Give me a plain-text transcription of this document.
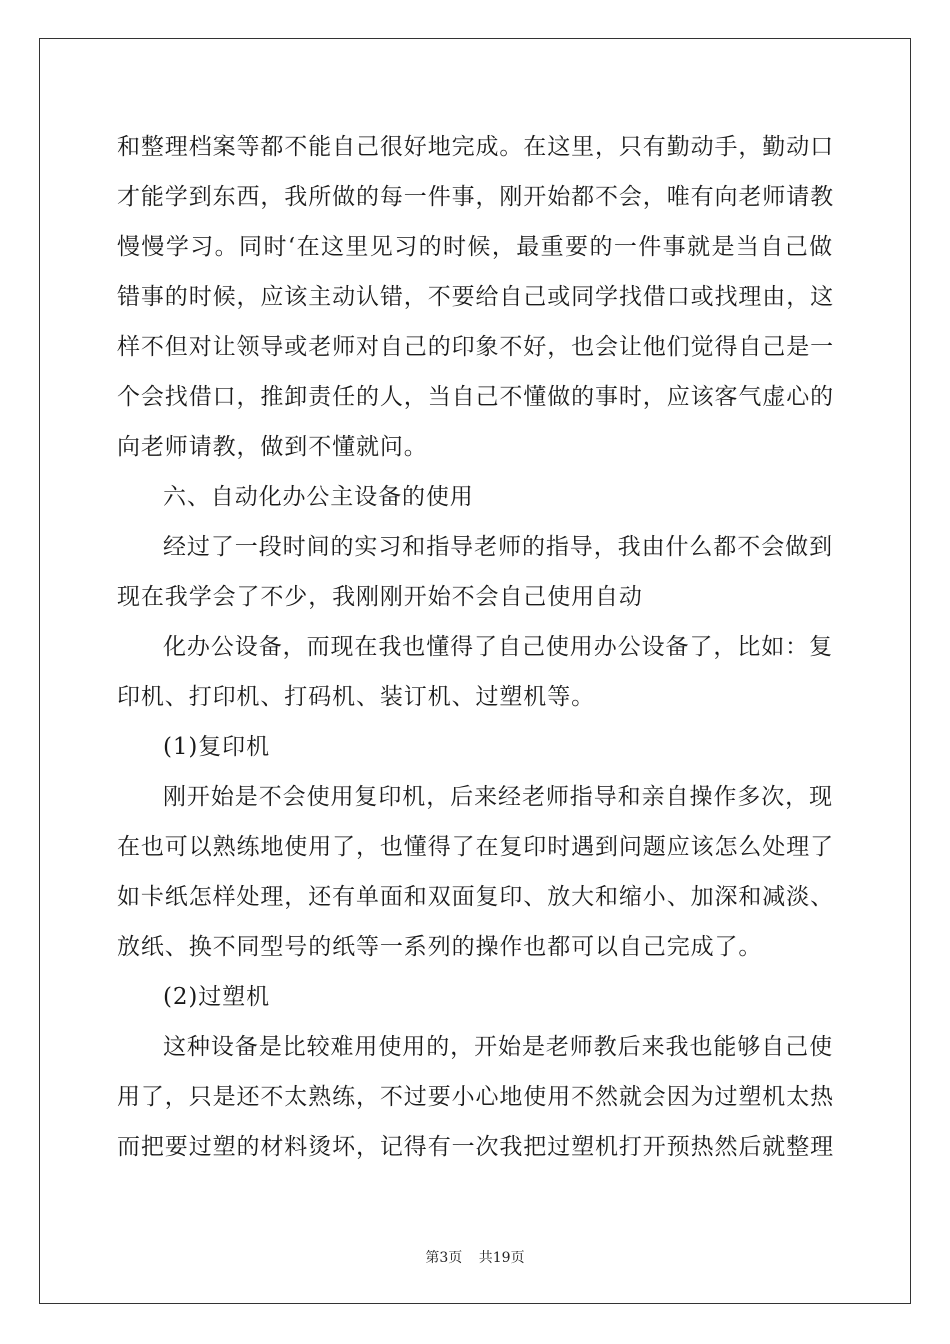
和整理档案等都不能自己很好地完成。在这里，只有勤动手，勤动口
才能学到东西，我所做的每一件事，刚开始都不会，唯有向老师请教
慢慢学习。同时‘在这里见习的时候，最重要的一件事就是当自己做
错事的时候，应该主动认错，不要给自己或同学找借口或找理由，这
样不但对让领导或老师对自己的印象不好，也会让他们觉得自己是一
个会找借口，推卸责任的人，当自己不懂做的事时，应该客气虚心的
向老师请教，做到不懂就问。
六、自动化办公主设备的使用
经过了一段时间的实习和指导老师的指导，我由什么都不会做到
现在我学会了不少，我刚刚开始不会自己使用自动
化办公设备，而现在我也懂得了自己使用办公设备了，比如：复
印机、打印机、打码机、装订机、过塑机等。
(1)复印机
刚开始是不会使用复印机，后来经老师指导和亲自操作多次，现
在也可以熟练地使用了，也懂得了在复印时遇到问题应该怎么处理了
如卡纸怎样处理，还有单面和双面复印、放大和缩小、加深和减淡、
放纸、换不同型号的纸等一系列的操作也都可以自己完成了。
(2)过塑机
这种设备是比较难用使用的，开始是老师教后来我也能够自己使
用了，只是还不太熟练，不过要小心地使用不然就会因为过塑机太热
而把要过塑的材料烫坏，记得有一次我把过塑机打开预热然后就整理
第3页 共19页
